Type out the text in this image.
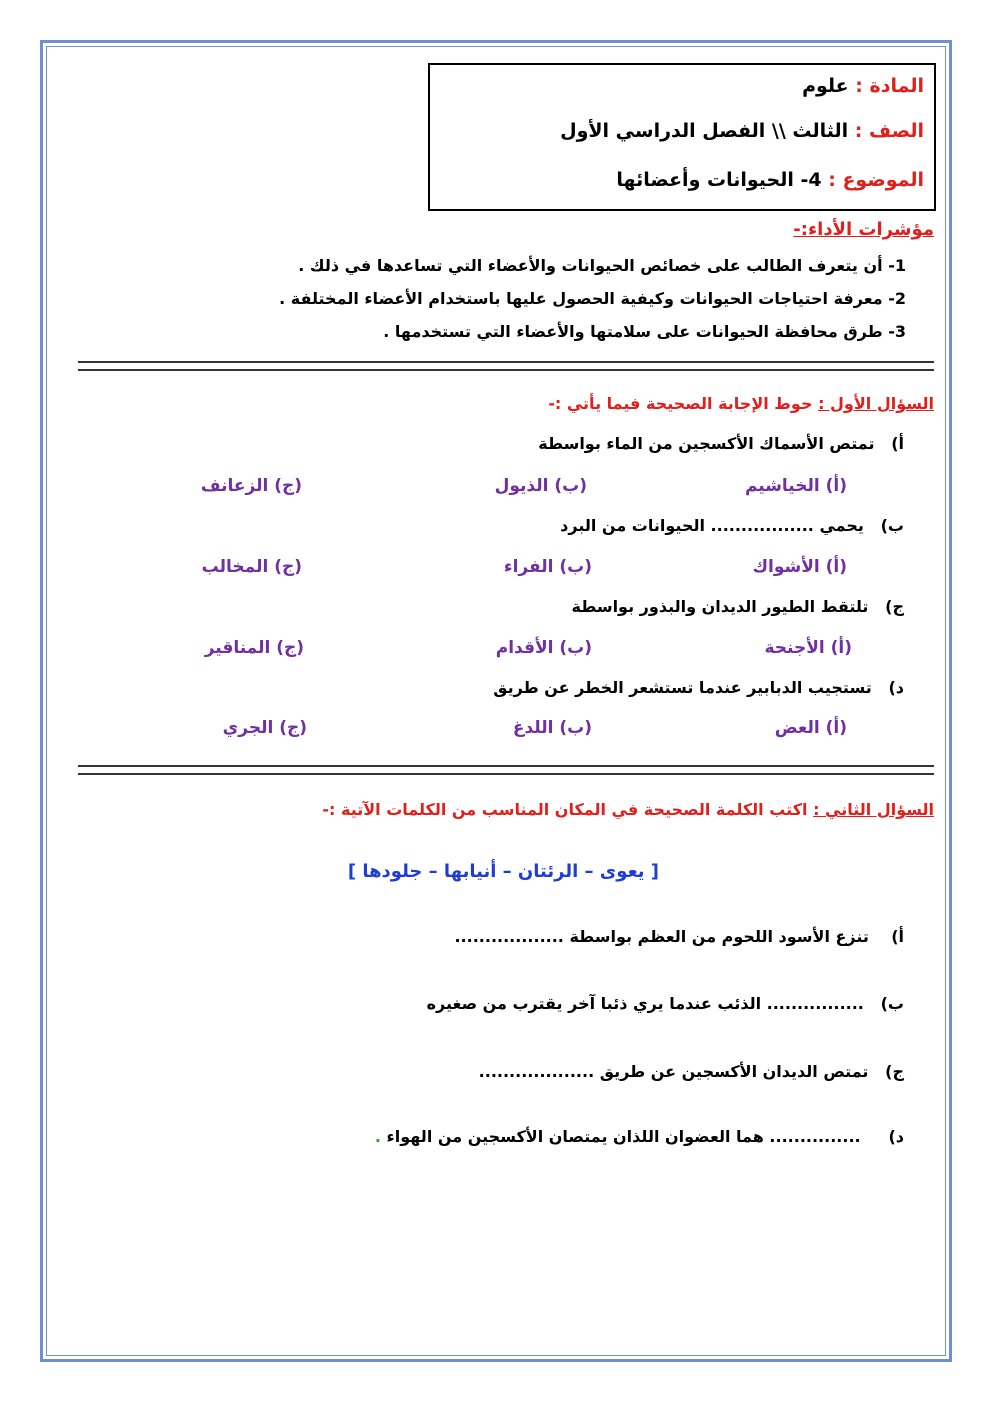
المادة : علوم
الصف : الثالث \\ الفصل الدراسي الأول
الموضوع : 4- الحيوانات وأعضائها
مؤشرات الأداء:-
1- أن يتعرف الطالب على خصائص الحيوانات والأعضاء التي تساعدها في ذلك .
2- معرفة احتياجات الحيوانات وكيفية الحصول عليها باستخدام الأعضاء المختلفة .
3- طرق محافظة الحيوانات على سلامتها والأعضاء التي تستخدمها .
السؤال الأول : حوط الإجابة الصحيحة فيما يأتي :-
أ)   تمتص الأسماك الأكسجين من الماء بواسطة
(أ) الخياشيم
(ب) الذيول
(ج) الزعانف
ب)   يحمي ................. الحيوانات من البرد
(أ) الأشواك
(ب) الفراء
(ج) المخالب
ج)   تلتقط الطيور الديدان والبذور بواسطة
(أ) الأجنحة
(ب) الأقدام
(ج) المناقير
د)   تستجيب الدبابير عندما تستشعر الخطر عن طريق
(أ) العض
(ب) اللدغ
(ج) الجري
السؤال الثاني : اكتب الكلمة الصحيحة في المكان المناسب من الكلمات الآتية :-
[ يعوى – الرئتان – أنيابها – جلودها ]
أ)    تنزع الأسود اللحوم من العظم بواسطة ..................
ب)   ................ الذئب عندما يري ذئبا آخر يقترب من صغيره
ج)   تمتص الديدان الأكسجين عن طريق ...................
د)     ............... هما العضوان اللذان يمتصان الأكسجين من الهواء .
